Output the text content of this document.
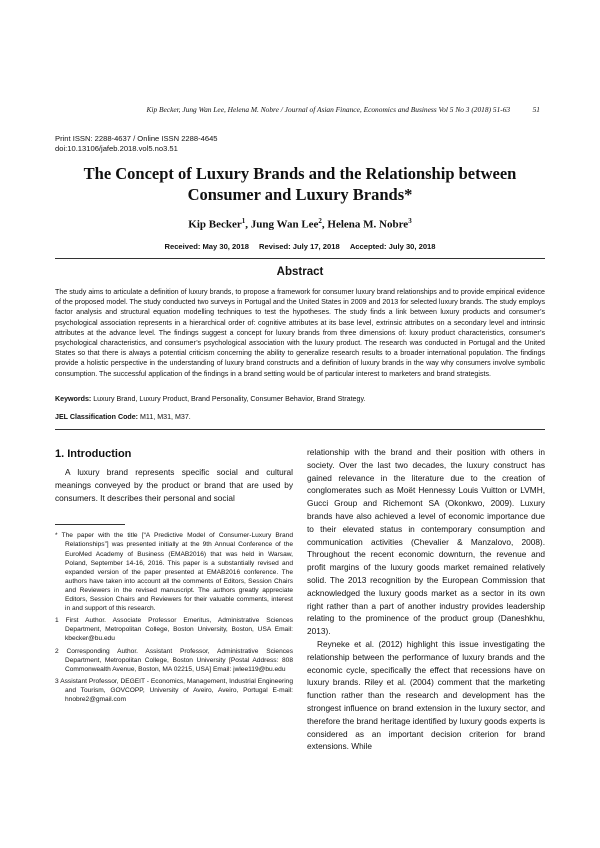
Kip Becker, Jung Wan Lee, Helena M. Nobre / Journal of Asian Finance, Economics and Business Vol 5 No 3 (2018) 51-63	51
Print ISSN: 2288-4637 / Online ISSN 2288-4645
doi:10.13106/jafeb.2018.vol5.no3.51
The Concept of Luxury Brands and the Relationship between Consumer and Luxury Brands*
Kip Becker$^1$, Jung Wan Lee$^2$, Helena M. Nobre$^3$
Received: May 30, 2018 Revised: July 17, 2018 Accepted: July 30, 2018
Abstract
The study aims to articulate a definition of luxury brands, to propose a framework for consumer luxury brand relationships and to provide empirical evidence of the proposed model. The study conducted two surveys in Portugal and the United States in 2009 and 2013 for selected luxury brands. The study employs factor analysis and structural equation modelling techniques to test the hypotheses. The study finds a link between luxury products and consumer’s psychological association represents in a hierarchical order of: cognitive attributes at its base level, extrinsic attributes on a secondary level and intrinsic attributes at the advance level. The findings suggest a concept for luxury brands from three dimensions of: luxury product characteristics, consumer’s psychological characteristics, and consumer’s psychological association with the luxury product. The research was conducted in Portugal and the United States so that there is always a potential criticism concerning the ability to generalize research results to a broader international population. The findings provide a holistic perspective in the understanding of luxury brand constructs and a definition of luxury brands in the way why consumers involve symbolic consumption. The successful application of the findings in a brand setting would be of particular interest to marketers and brand strategists.
Keywords: Luxury Brand, Luxury Product, Brand Personality, Consumer Behavior, Brand Strategy.
JEL Classification Code: M11, M31, M37.
1. Introduction

A luxury brand represents specific social and cultural meanings conveyed by the product or brand that are used by consumers. It describes their personal and social

* The paper with the title [“A Predictive Model of Consumer-Luxury Brand Relationships”] was presented initially at the 9th Annual Conference of the EuroMed Academy of Business (EMAB2016) that was held in Warsaw, Poland, September 14-16, 2016. This paper is a substantially revised and expanded version of the paper presented at EMAB2016 conference. The authors have taken into account all the comments of Editors, Session Chairs and Reviewers in the revised manuscript. The authors greatly appreciate Editors, Session Chairs and Reviewers for their valuable comments, interest in and support of this research.

1 First Author. Associate Professor Emeritus, Administrative Sciences Department, Metropolitan College, Boston University, Boston, USA Email: kbecker@bu.edu

2 Corresponding Author. Assistant Professor, Administrative Sciences Department, Metropolitan College, Boston University [Postal Address: 808 Commonwealth Avenue, Boston, MA 02215, USA] Email: jwlee119@bu.edu

3 Assistant Professor, DEGEIT - Economics, Management, Industrial Engineering and Tourism, GOVCOPP, University of Aveiro, Aveiro, Portugal E-mail: hnobre2@gmail.com

relationship with the brand and their position with others in society. Over the last two decades, the luxury construct has gained relevance in the literature due to the creation of conglomerates such as Moët Hennessy Louis Vuitton or LVMH, Gucci Group and Richemont SA (Okonkwo, 2009). Luxury brands have also achieved a level of economic importance due to their elevated status in contemporary consumption and communication activities (Chevalier & Manzalovo, 2008). Throughout the recent economic downturn, the revenue and profit margins of the luxury goods market remained relatively solid. The 2013 recognition by the European Commission that acknowledged the luxury goods market as a sector in its own right rather than a part of another industry provides leadership relating to the prominence of the product group (Daneshkhu, 2013).

Reyneke et al. (2012) highlight this issue investigating the relationship between the performance of luxury brands and the economic cycle, specifically the effect that recessions have on luxury brands. Riley et al. (2004) comment that the marketing function rather than the research and development has the strongest influence on brand extension in the luxury sector, and therefore the brand heritage identified by luxury goods experts is considered as an important decision criterion for brand extensions. While
